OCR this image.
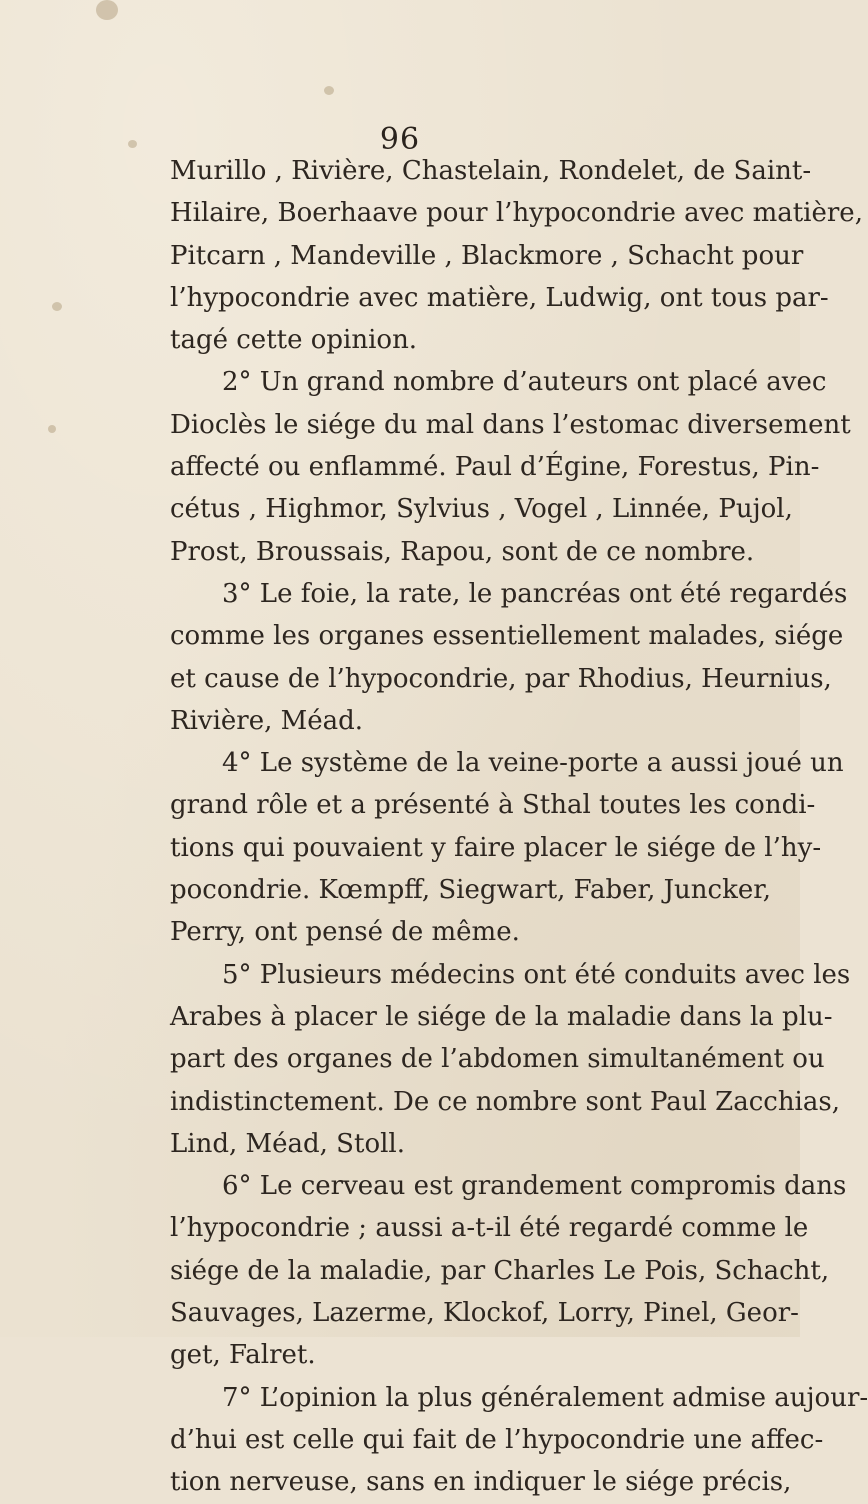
96
Murillo , Rivière, Chastelain, Rondelet, de Saint-
Hilaire, Boerhaave pour l’hypocondrie avec matière,
Pitcarn , Mandeville , Blackmore , Schacht pour
l’hypocondrie avec matière, Ludwig, ont tous par-
tagé cette opinion.
2° Un grand nombre d’auteurs ont placé avec
Dioclès le siége du mal dans l’estomac diversement
affecté ou enflammé. Paul d’Égine, Forestus, Pin-
cétus , Highmor, Sylvius , Vogel , Linnée, Pujol,
Prost, Broussais, Rapou, sont de ce nombre.
3° Le foie, la rate, le pancréas ont été regardés
comme les organes essentiellement malades, siége
et cause de l’hypocondrie, par Rhodius, Heurnius,
Rivière, Méad.
4° Le système de la veine-porte a aussi joué un
grand rôle et a présenté à Sthal toutes les condi-
tions qui pouvaient y faire placer le siége de l’hy-
pocondrie. Kœmpff, Siegwart, Faber, Juncker,
Perry, ont pensé de même.
5° Plusieurs médecins ont été conduits avec les
Arabes à placer le siége de la maladie dans la plu-
part des organes de l’abdomen simultanément ou
indistinctement. De ce nombre sont Paul Zacchias,
Lind, Méad, Stoll.
6° Le cerveau est grandement compromis dans
l’hypocondrie ; aussi a-t-il été regardé comme le
siége de la maladie, par Charles Le Pois, Schacht,
Sauvages, Lazerme, Klockof, Lorry, Pinel, Geor-
get, Falret.
7° L’opinion la plus généralement admise aujour-
d’hui est celle qui fait de l’hypocondrie une affec-
tion nerveuse, sans en indiquer le siége précis,
